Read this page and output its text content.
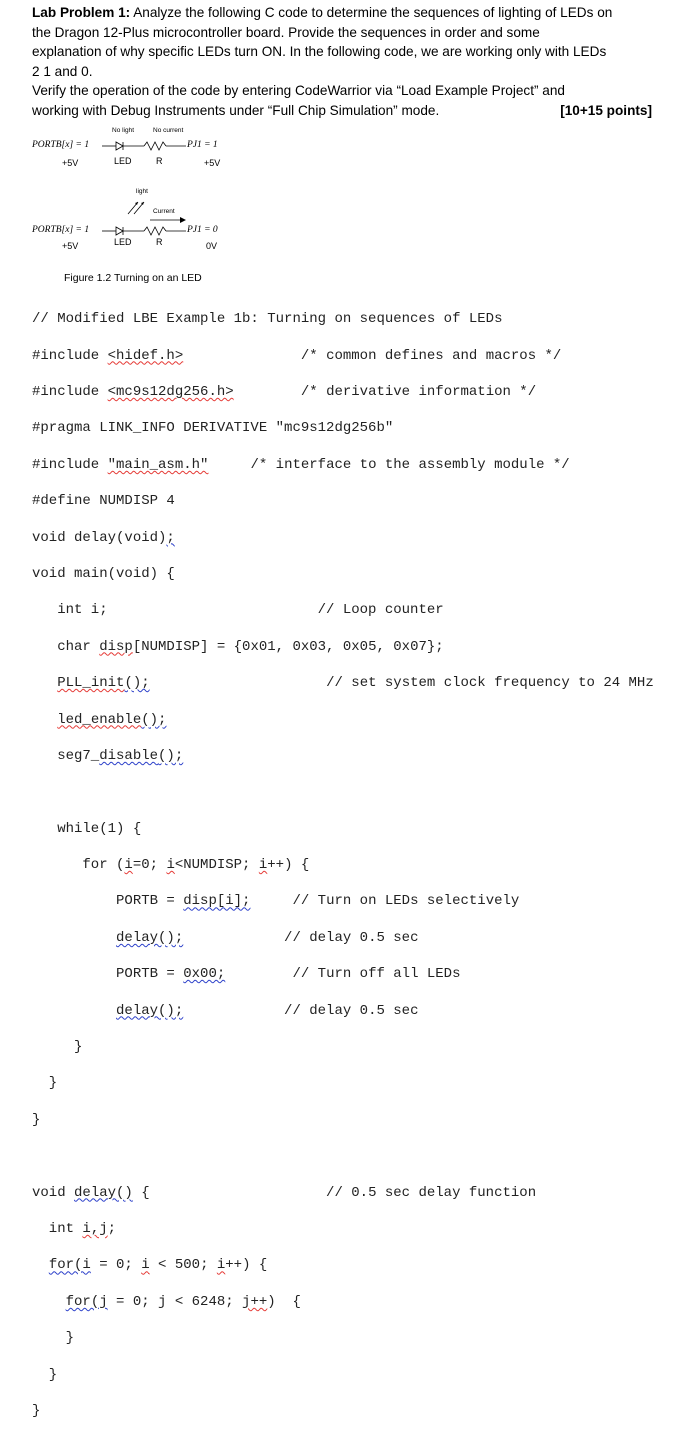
Lab Problem 1: Analyze the following C code to determine the sequences of lighting of LEDs on

the Dragon 12-Plus microcontroller board. Provide the sequences in order and some

explanation of why specific LEDs turn ON. In the following code, we are working only with LEDs

2 1 and 0.

Verify the operation of the code by entering CodeWarrior via “Load Example Project” and

working with Debug Instruments under “Full Chip Simulation” mode.	[10+15 points]

No light	No current
PORTB[x] = 1	PJ1 = 1
+5V	LED	R	+5V
light
Current
PORTB[x] = 1	PJ1 = 0
+5V	LED	R	0V
Figure 1.2 Turning on an LED

// Modified LBE Example 1b: Turning on sequences of LEDs

#include <hidef.h>              /* common defines and macros */

#include <mc9s12dg256.h>        /* derivative information */

#pragma LINK_INFO DERIVATIVE "mc9s12dg256b"

#include "main_asm.h"     /* interface to the assembly module */

#define NUMDISP 4

void delay(void);

void main(void) {

int i;                         // Loop counter

char disp[NUMDISP] = {0x01, 0x03, 0x05, 0x07};

PLL_init();                     // set system clock frequency to 24 MHz

led_enable();

seg7_disable();

while(1) {

for (i=0; i<NUMDISP; i++) {

PORTB = disp[i];     // Turn on LEDs selectively

delay();            // delay 0.5 sec

PORTB = 0x00;        // Turn off all LEDs

delay();            // delay 0.5 sec

}

}

}

void delay() {                     // 0.5 sec delay function

int i,j;

for(i = 0; i < 500; i++) {

for(j = 0; j < 6248; j++)  {

}

}

}
